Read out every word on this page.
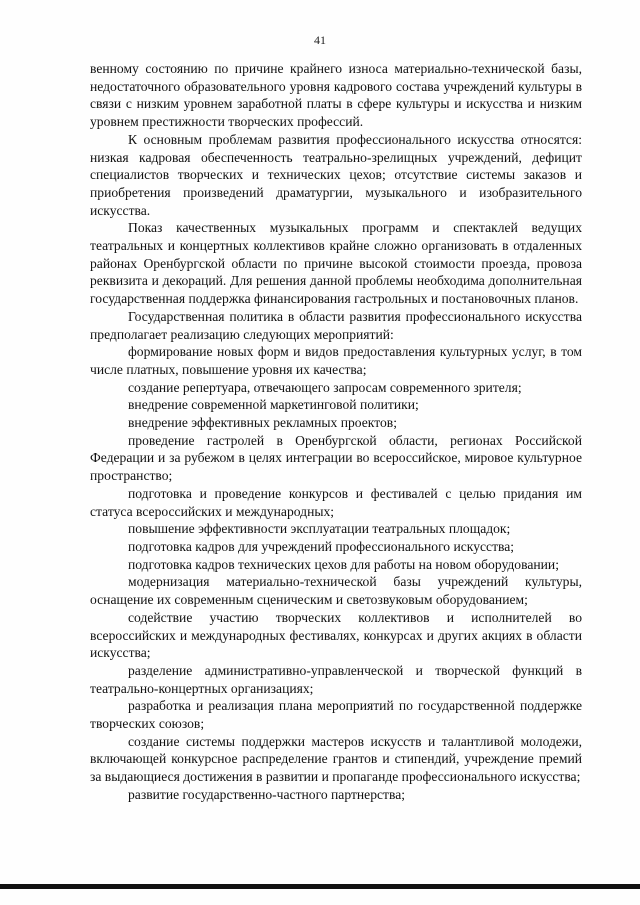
41

венному состоянию по причине крайнего износа материально-технической базы, недостаточного образовательного уровня кадрового состава учреждений культуры в связи с низким уровнем заработной платы в сфере культуры и искусства и низким уровнем престижности творческих профессий.

К основным проблемам развития профессионального искусства относятся: низкая кадровая обеспеченность театрально-зрелищных учреждений, дефицит специалистов творческих и технических цехов; отсутствие системы заказов и приобретения произведений драматургии, музыкального и изобразительного искусства.

Показ качественных музыкальных программ и спектаклей ведущих театральных и концертных коллективов крайне сложно организовать в отдаленных районах Оренбургской области по причине высокой стоимости проезда, провоза реквизита и декораций. Для решения данной проблемы необходима дополнительная государственная поддержка финансирования гастрольных и постановочных планов.

Государственная политика в области развития профессионального искусства предполагает реализацию следующих мероприятий:

формирование новых форм и видов предоставления культурных услуг, в том числе платных, повышение уровня их качества;

создание репертуара, отвечающего запросам современного зрителя;

внедрение современной маркетинговой политики;

внедрение эффективных рекламных проектов;

проведение гастролей в Оренбургской области, регионах Российской Федерации и за рубежом в целях интеграции во всероссийское, мировое культурное пространство;

подготовка и проведение конкурсов и фестивалей с целью придания им статуса всероссийских и международных;

повышение эффективности эксплуатации театральных площадок;

подготовка кадров для учреждений профессионального искусства;

подготовка кадров технических цехов для работы на новом оборудовании;

модернизация материально-технической базы учреждений культуры, оснащение их современным сценическим и светозвуковым оборудованием;

содействие участию творческих коллективов и исполнителей во всероссийских и международных фестивалях, конкурсах и других акциях в области искусства;

разделение административно-управленческой и творческой функций в театрально-концертных организациях;

разработка и реализация плана мероприятий по государственной поддержке творческих союзов;

создание системы поддержки мастеров искусств и талантливой молодежи, включающей конкурсное распределение грантов и стипендий, учреждение премий за выдающиеся достижения в развитии и пропаганде профессионального искусства;

развитие государственно-частного партнерства;
